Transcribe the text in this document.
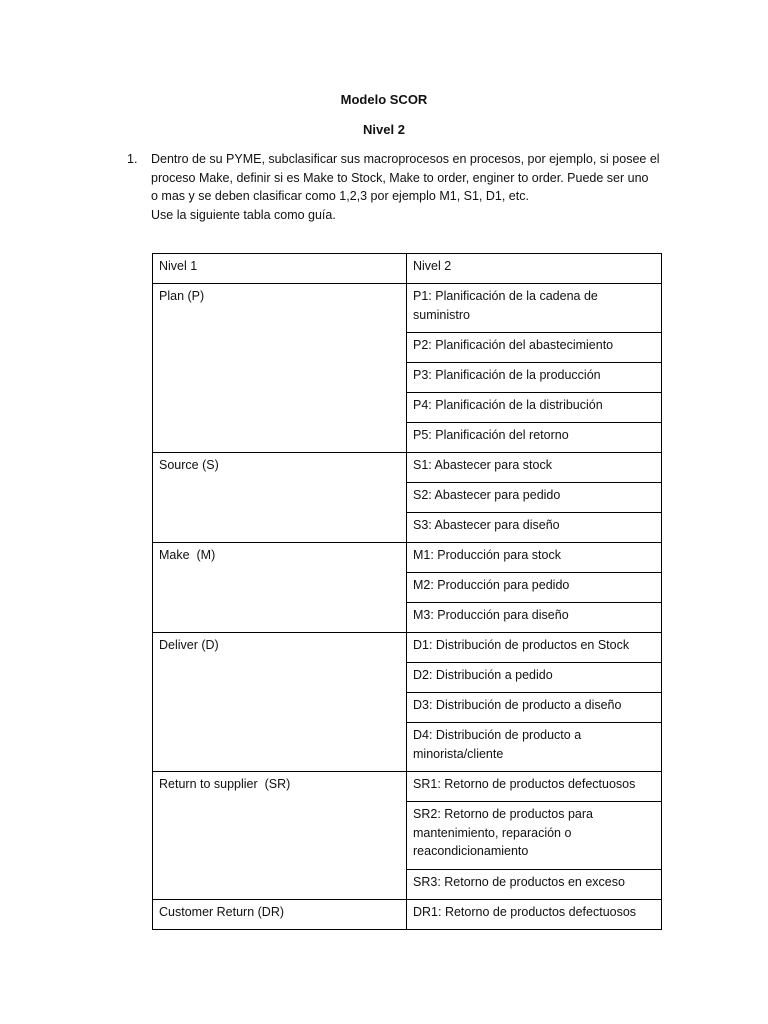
Modelo SCOR
Nivel 2
1. Dentro de su PYME, subclasificar sus macroprocesos en procesos, por ejemplo, si posee el
proceso Make, definir si es Make to Stock, Make to order, enginer to order. Puede ser uno
o mas y se deben clasificar como 1,2,3 por ejemplo M1, S1, D1, etc.
Use la siguiente tabla como guía.
Nivel 1	Nivel 2
Plan (P)	P1: Planificación de la cadena de suministro
	P2: Planificación del abastecimiento
	P3: Planificación de la producción
	P4: Planificación de la distribución
	P5: Planificación del retorno
Source (S)	S1: Abastecer para stock
	S2: Abastecer para pedido
	S3: Abastecer para diseño
Make  (M)	M1: Producción para stock
	M2: Producción para pedido
	M3: Producción para diseño
Deliver (D)	D1: Distribución de productos en Stock
	D2: Distribución a pedido
	D3: Distribución de producto a diseño
	D4: Distribución de producto a minorista/cliente
Return to supplier  (SR)	SR1: Retorno de productos defectuosos
	SR2: Retorno de productos para mantenimiento, reparación o reacondicionamiento
	SR3: Retorno de productos en exceso
Customer Return (DR)	DR1: Retorno de productos defectuosos
